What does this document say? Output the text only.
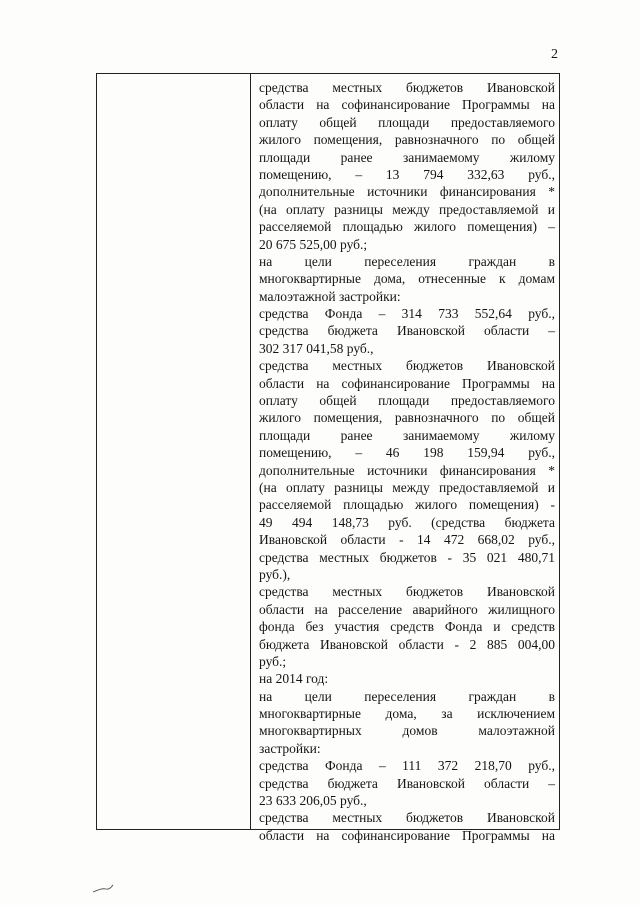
2
средства местных бюджетов Ивановской
области на софинансирование Программы на
оплату общей площади предоставляемого
жилого помещения, равнозначного по общей
площади ранее занимаемому жилому
помещению, – 13 794 332,63 руб.,
дополнительные источники финансирования *
(на оплату разницы между предоставляемой и
расселяемой площадью жилого помещения) –
20 675 525,00 руб.;
на цели переселения граждан в
многоквартирные дома, отнесенные к домам
малоэтажной застройки:
средства Фонда – 314 733 552,64 руб.,
средства бюджета Ивановской области –
302 317 041,58 руб.,
средства местных бюджетов Ивановской
области на софинансирование Программы на
оплату общей площади предоставляемого
жилого помещения, равнозначного по общей
площади ранее занимаемому жилому
помещению, – 46 198 159,94 руб.,
дополнительные источники финансирования *
(на оплату разницы между предоставляемой и
расселяемой площадью жилого помещения) -
49 494 148,73 руб. (средства бюджета
Ивановской области - 14 472 668,02 руб.,
средства местных бюджетов - 35 021 480,71
руб.),
средства местных бюджетов Ивановской
области на расселение аварийного жилищного
фонда без участия средств Фонда и средств
бюджета Ивановской области - 2 885 004,00
руб.;
на 2014 год:
на цели переселения граждан в
многоквартирные дома, за исключением
многоквартирных домов малоэтажной
застройки:
средства Фонда – 111 372 218,70 руб.,
средства бюджета Ивановской области –
23 633 206,05 руб.,
средства местных бюджетов Ивановской
области на софинансирование Программы на
